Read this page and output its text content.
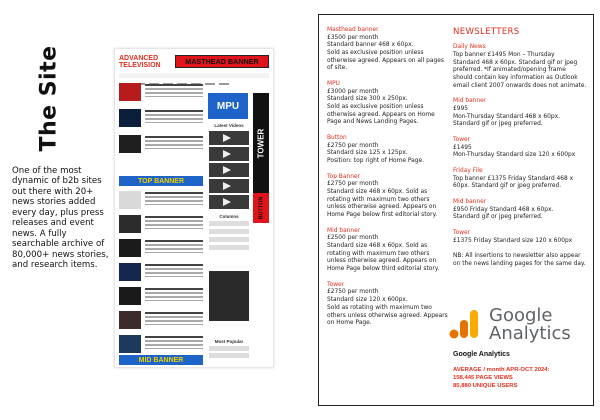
The Site
One of the most dynamic of b2b sites out there with 20+ news stories added every day, plus press releases and event news. A fully searchable archive of 80,000+ news stories, and research items.
ADVANCED TELEVISION	MASTHEAD BANNER
TOP BANNER
MID BANNER
MPU
TOWER
BUTTON
Latest Videos
Columns
Most Popular
Masthead banner
£3500 per month
Standard banner 468 x 60px.
Sold as exclusive position unless otherwise agreed. Appears on all pages of site.
MPU
£3000 per month
Standard size 300 x 250px.
Sold as exclusive position unless otherwise agreed. Appears on Home Page and News Landing Pages.
Button
£2750 per month
Standard size 125 x 125px.
Position: top right of Home Page.
Top Banner
£2750 per month
Standard size 468 x 60px. Sold as rotating with maximum two others unless otherwise agreed. Appears on Home Page below first editorial story.
Mid banner
£2500 per month
Standard size 468 x 60px. Sold as rotating with maximum two others unless otherwise agreed. Appears on Home Page below third editorial story.
Tower
£2750 per month
Standard size 120 x 600px.
Sold as rotating with maximum two others unless otherwise agreed. Appears on Home Page.
NEWSLETTERS
Daily News
Top banner £1495 Mon – Thursday
Standard 468 x 60px. Standard gif or jpeg preferred. *If animated/opening frame should contain key information as Outlook email client 2007 onwards does not animate.
Mid banner
£995
Mon-Thursday Standard 468 x 60px.
Standard gif or jpeg preferred.
Tower
£1495
Mon-Thursday Standard size 120 x 600px
Friday File
Top banner £1375 Friday Standard 468 x 60px. Standard gif or jpeg preferred.
Mid banner
£950 Friday Standard 468 x 60px.
Standard gif or jpeg preferred.
Tower
£1375 Friday Standard size 120 x 600px
NB: All insertions to newsletter also appear on the news landing pages for the same day.
Google
Analytics
Google Analytics
AVERAGE / month APR-OCT 2024:
158,445 PAGE VIEWS
85,880 UNIQUE USERS
